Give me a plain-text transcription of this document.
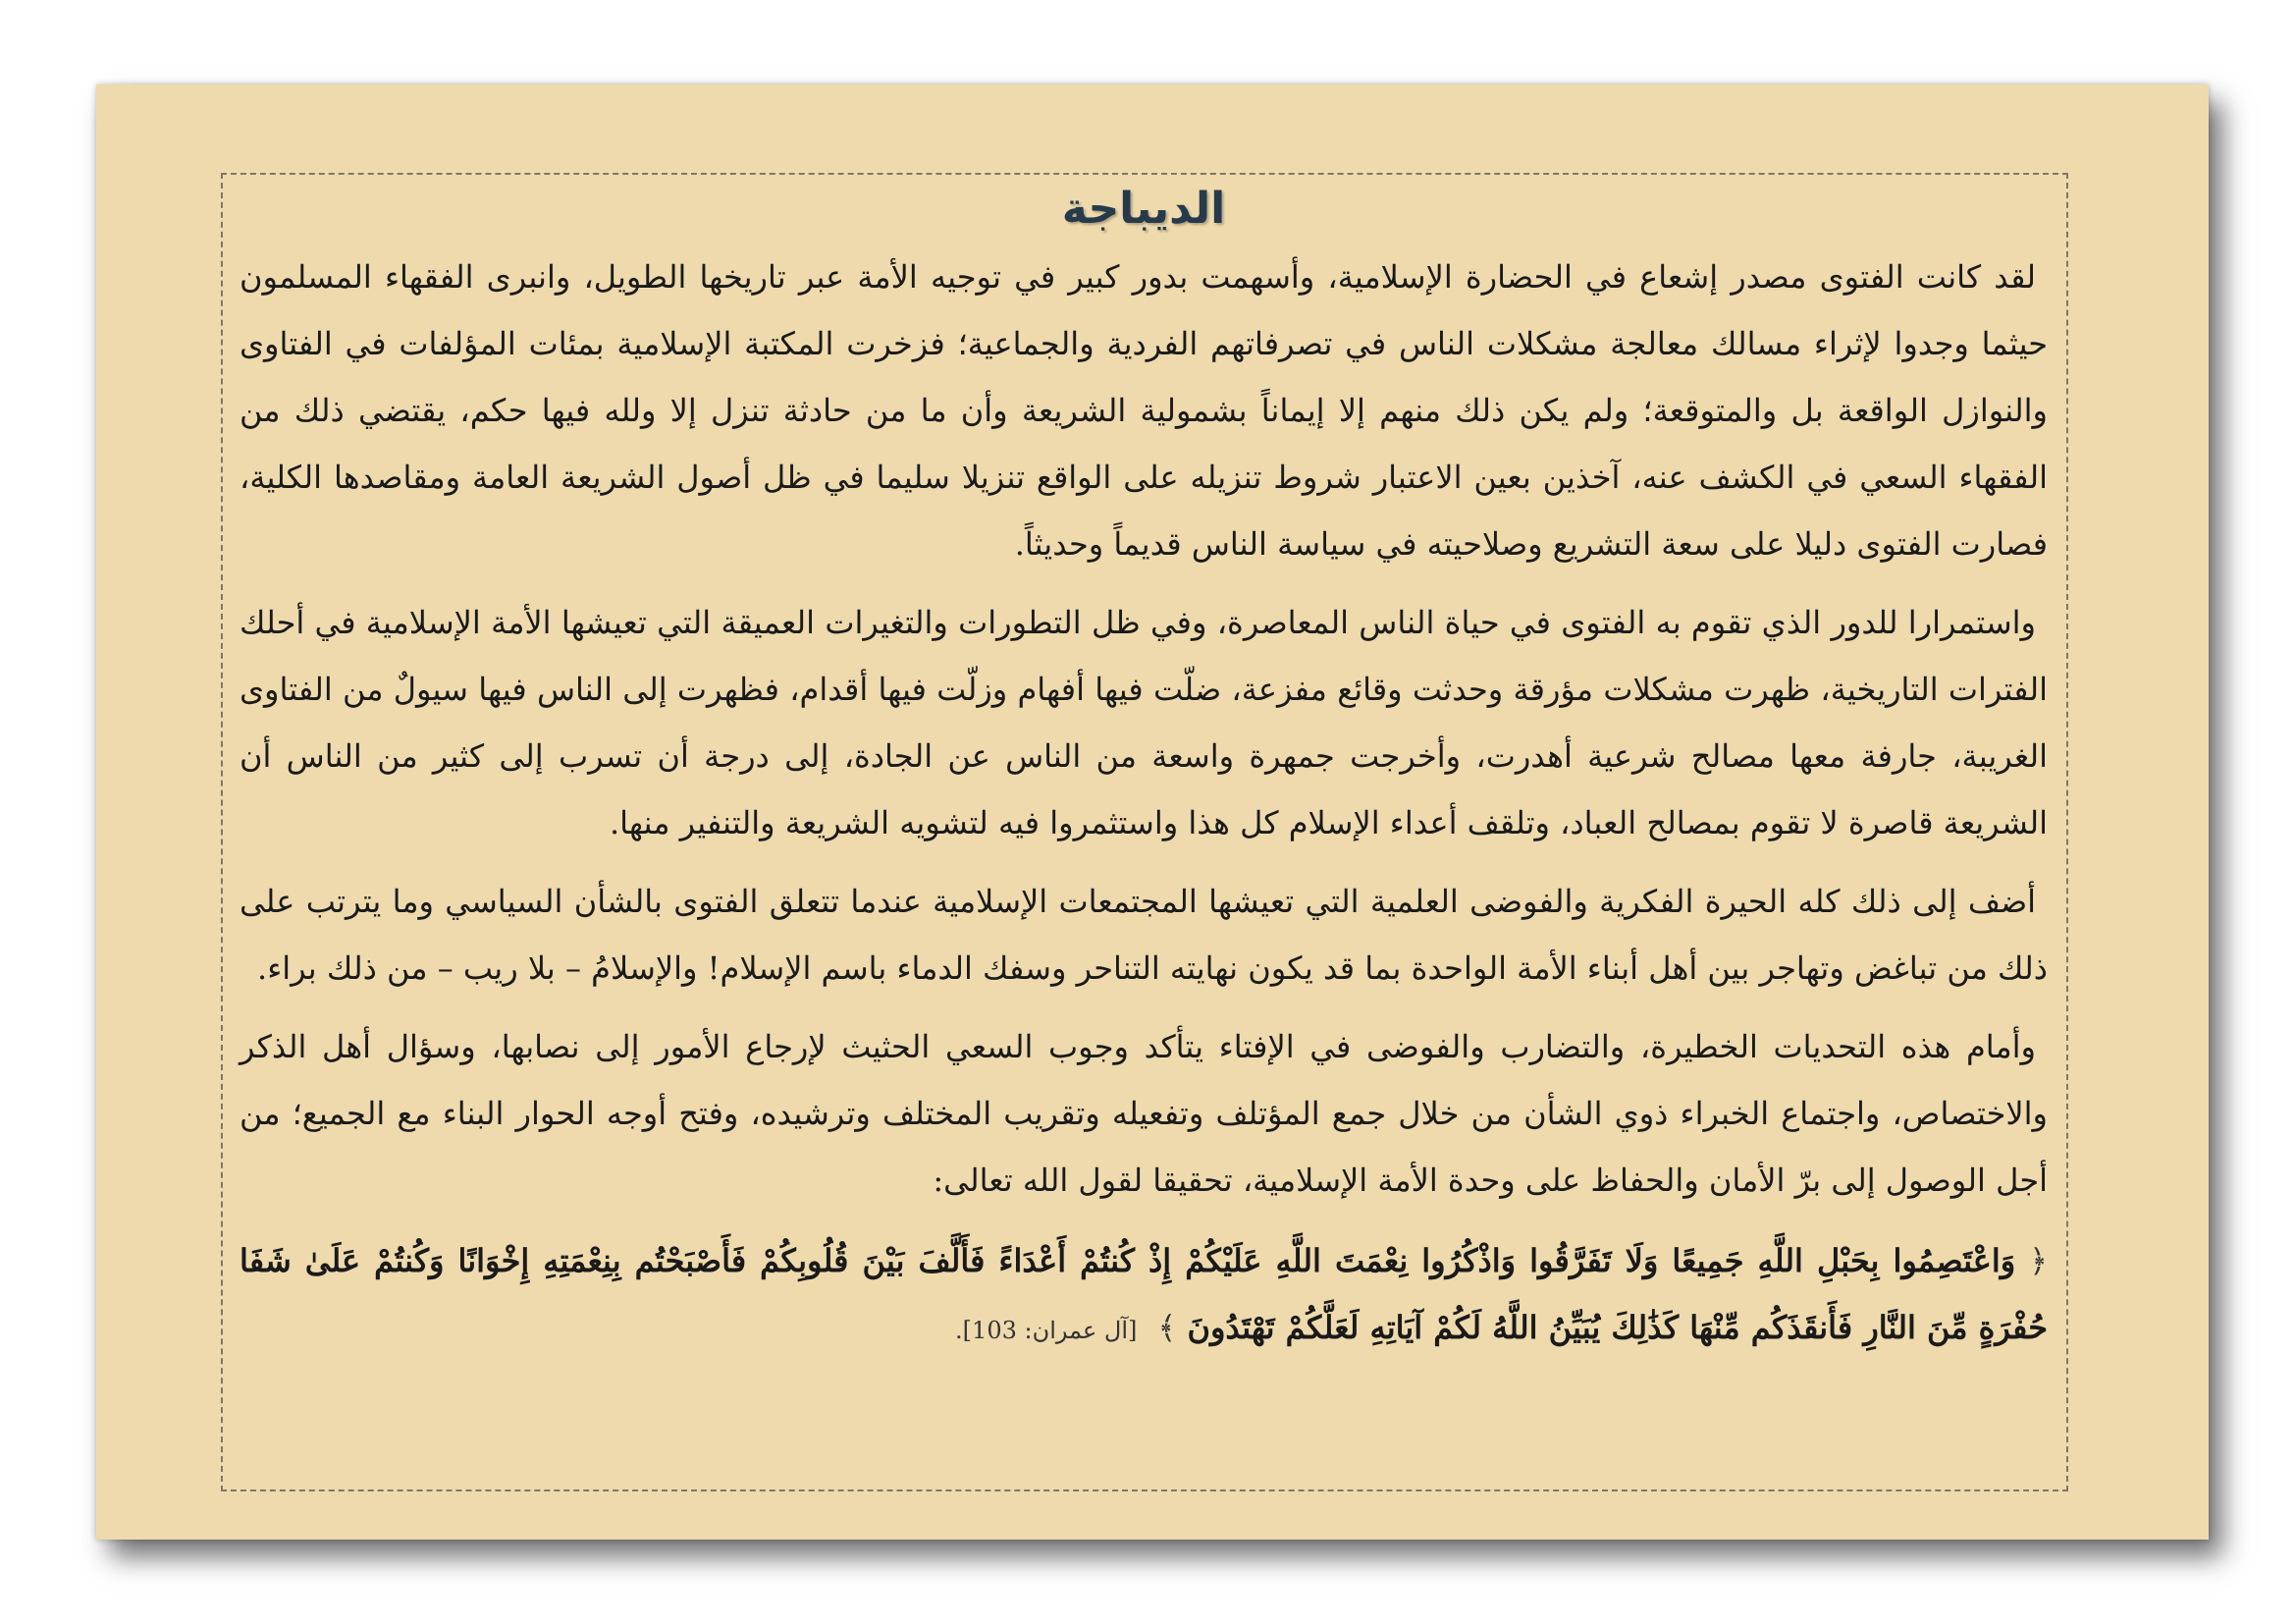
الديباجة

لقد كانت الفتوى مصدر إشعاع في الحضارة الإسلامية، وأسهمت بدور كبير في توجيه الأمة عبر تاريخها الطويل، وانبرى الفقهاء المسلمون حيثما وجدوا لإثراء مسالك معالجة مشكلات الناس في تصرفاتهم الفردية والجماعية؛ فزخرت المكتبة الإسلامية بمئات المؤلفات في الفتاوى والنوازل الواقعة بل والمتوقعة؛ ولم يكن ذلك منهم إلا إيماناً بشمولية الشريعة وأن ما من حادثة تنزل إلا ولله فيها حكم، يقتضي ذلك من الفقهاء السعي في الكشف عنه، آخذين بعين الاعتبار شروط تنزيله على الواقع تنزيلا سليما في ظل أصول الشريعة العامة ومقاصدها الكلية، فصارت الفتوى دليلا على سعة التشريع وصلاحيته في سياسة الناس قديماً وحديثاً.

واستمرارا للدور الذي تقوم به الفتوى في حياة الناس المعاصرة، وفي ظل التطورات والتغيرات العميقة التي تعيشها الأمة الإسلامية في أحلك الفترات التاريخية، ظهرت مشكلات مؤرقة وحدثت وقائع مفزعة، ضلّت فيها أفهام وزلّت فيها أقدام، فظهرت إلى الناس فيها سيولٌ من الفتاوى الغريبة، جارفة معها مصالح شرعية أهدرت، وأخرجت جمهرة واسعة من الناس عن الجادة، إلى درجة أن تسرب إلى كثير من الناس أن الشريعة قاصرة لا تقوم بمصالح العباد، وتلقف أعداء الإسلام كل هذا واستثمروا فيه لتشويه الشريعة والتنفير منها.

أضف إلى ذلك كله الحيرة الفكرية والفوضى العلمية التي تعيشها المجتمعات الإسلامية عندما تتعلق الفتوى بالشأن السياسي وما يترتب على ذلك من تباغض وتهاجر بين أهل أبناء الأمة الواحدة بما قد يكون نهايته التناحر وسفك الدماء باسم الإسلام! والإسلامُ – بلا ريب – من ذلك براء.

وأمام هذه التحديات الخطيرة، والتضارب والفوضى في الإفتاء يتأكد وجوب السعي الحثيث لإرجاع الأمور إلى نصابها، وسؤال أهل الذكر والاختصاص، واجتماع الخبراء ذوي الشأن من خلال جمع المؤتلف وتفعيله وتقريب المختلف وترشيده، وفتح أوجه الحوار البناء مع الجميع؛ من أجل الوصول إلى برّ الأمان والحفاظ على وحدة الأمة الإسلامية، تحقيقا لقول الله تعالى:

﴿ وَاعْتَصِمُوا بِحَبْلِ اللَّهِ جَمِيعًا وَلَا تَفَرَّقُوا وَاذْكُرُوا نِعْمَتَ اللَّهِ عَلَيْكُمْ إِذْ كُنتُمْ أَعْدَاءً فَأَلَّفَ بَيْنَ قُلُوبِكُمْ فَأَصْبَحْتُم بِنِعْمَتِهِ إِخْوَانًا وَكُنتُمْ عَلَىٰ شَفَا حُفْرَةٍ مِّنَ النَّارِ فَأَنقَذَكُم مِّنْهَا كَذَٰلِكَ يُبَيِّنُ اللَّهُ لَكُمْ آيَاتِهِ لَعَلَّكُمْ تَهْتَدُونَ ﴾ [آل عمران: 103].
